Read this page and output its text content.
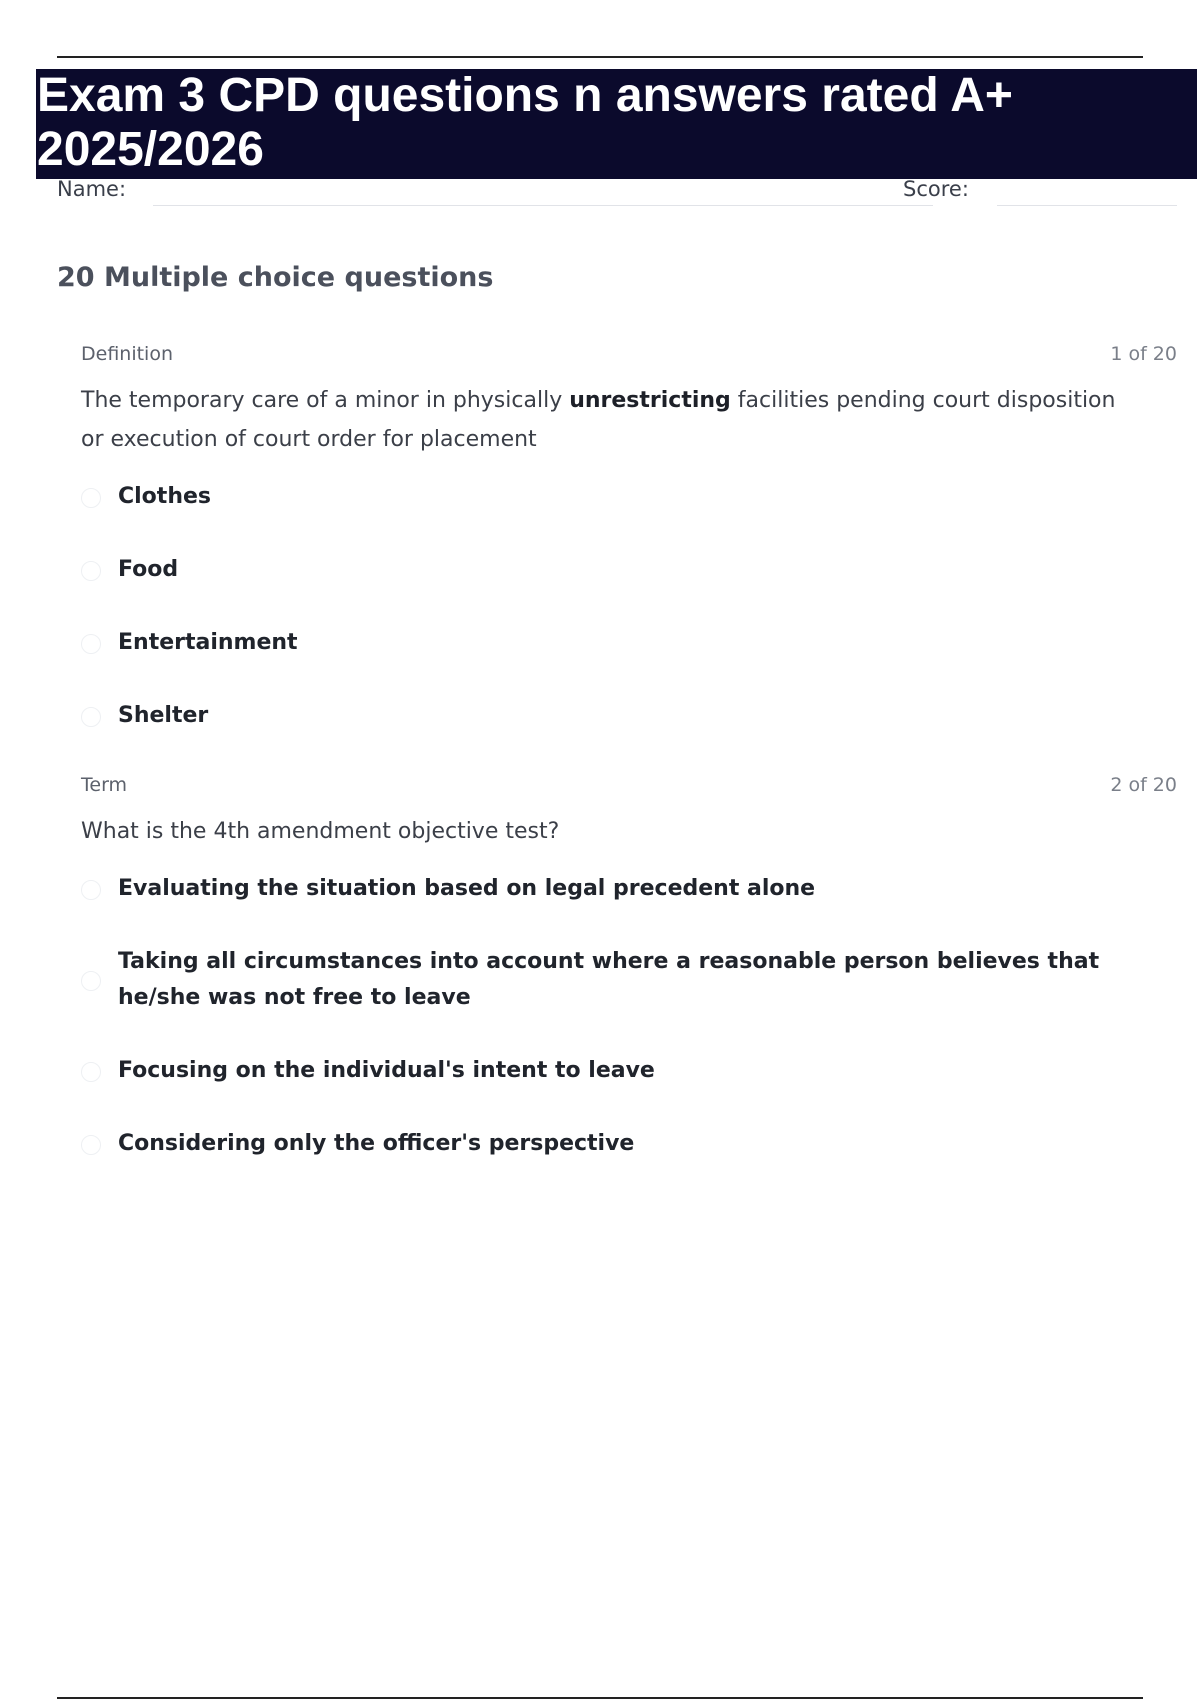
Exam 3 CPD questions n answers rated A+
2025/2026
Name:	Score:
20 Multiple choice questions
Definition	1 of 20

The temporary care of a minor in physically unrestricting facilities pending court disposition or execution of court order for placement

Clothes
Food
Entertainment
Shelter
Term	2 of 20

What is the 4th amendment objective test?

Evaluating the situation based on legal precedent alone
Taking all circumstances into account where a reasonable person believes that he/she was not free to leave
Focusing on the individual's intent to leave
Considering only the officer's perspective
